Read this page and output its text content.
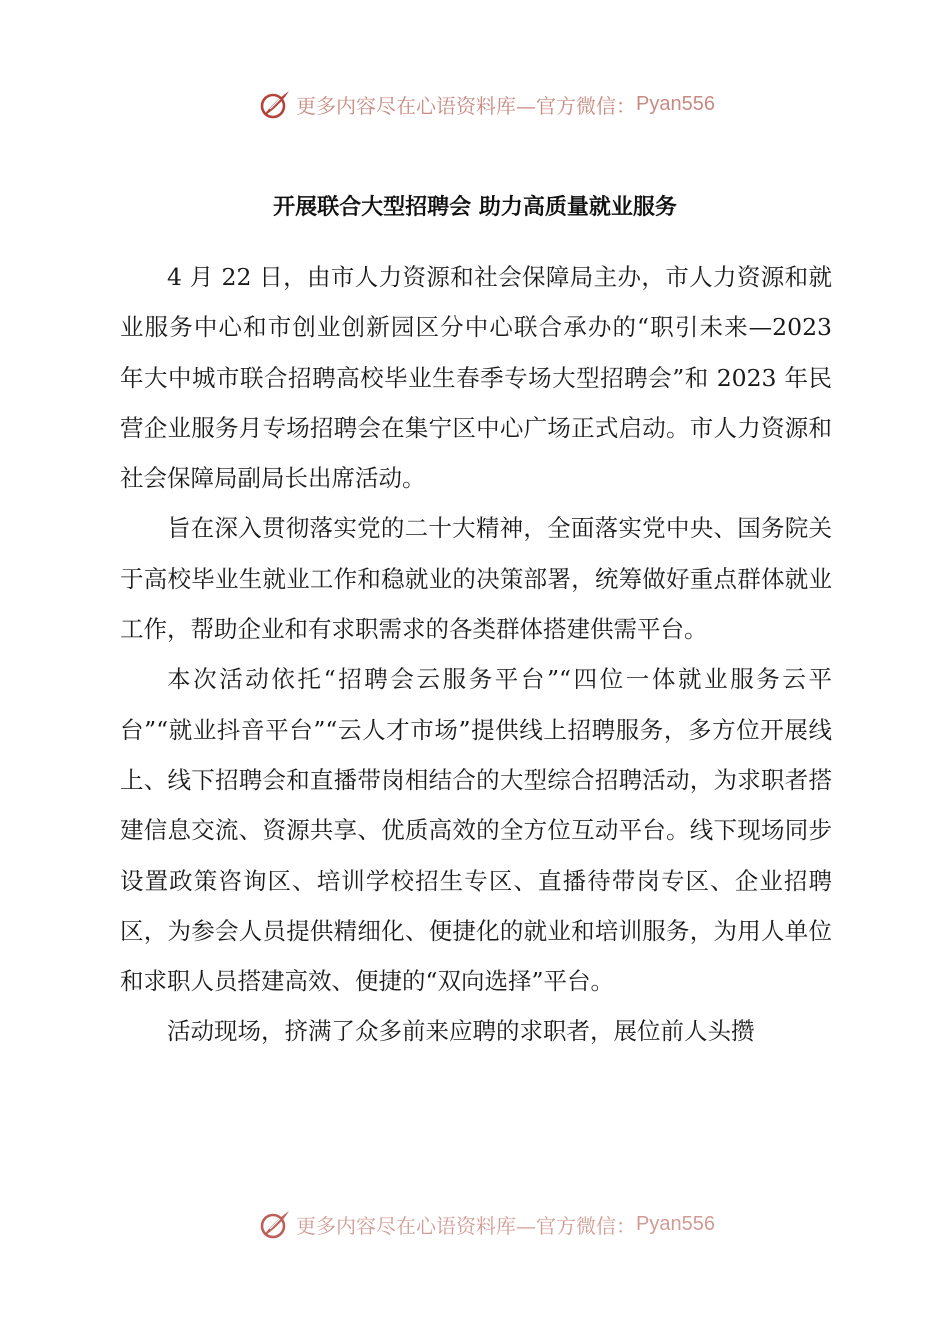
更多内容尽在心语资料库—官方微信： Pyan556
开展联合大型招聘会 助力高质量就业服务

4 月 22 日，由市人力资源和社会保障局主办，市人力资源和就业服务中心和市创业创新园区分中心联合承办的“职引未来—2023 年大中城市联合招聘高校毕业生春季专场大型招聘会”和 2023 年民营企业服务月专场招聘会在集宁区中心广场正式启动。市人力资源和社会保障局副局长出席活动。

旨在深入贯彻落实党的二十大精神，全面落实党中央、国务院关于高校毕业生就业工作和稳就业的决策部署，统筹做好重点群体就业工作，帮助企业和有求职需求的各类群体搭建供需平台。

本次活动依托“招聘会云服务平台”“四位一体就业服务云平台”“就业抖音平台”“云人才市场”提供线上招聘服务，多方位开展线上、线下招聘会和直播带岗相结合的大型综合招聘活动，为求职者搭建信息交流、资源共享、优质高效的全方位互动平台。线下现场同步设置政策咨询区、培训学校招生专区、直播待带岗专区、企业招聘区，为参会人员提供精细化、便捷化的就业和培训服务，为用人单位和求职人员搭建高效、便捷的“双向选择”平台。

活动现场，挤满了众多前来应聘的求职者，展位前人头攒

更多内容尽在心语资料库—官方微信： Pyan556
